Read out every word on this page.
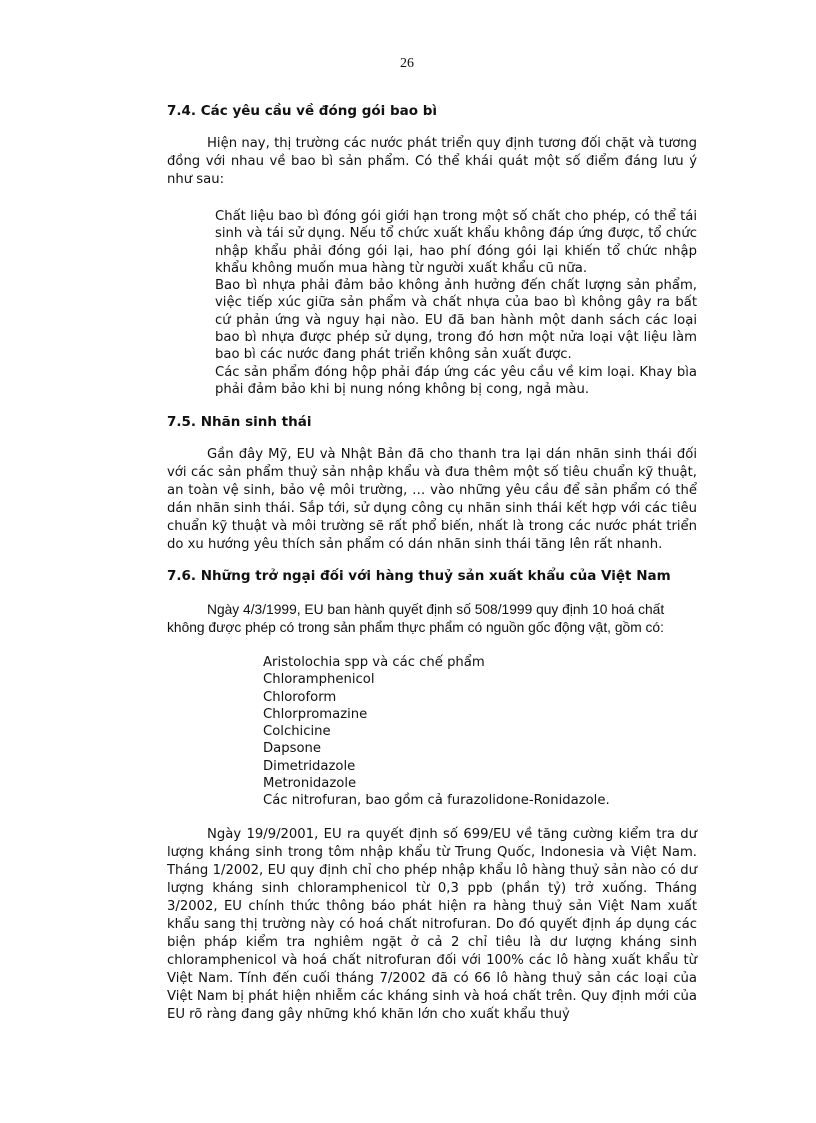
26
7.4. Các yêu cầu về đóng gói bao bì

Hiện nay, thị trường các nước phát triển quy định tương đối chặt và tương đồng với nhau về bao bì sản phẩm. Có thể khái quát một số điểm đáng lưu ý như sau:

Chất liệu bao bì đóng gói giới hạn trong một số chất cho phép, có thể tái sinh và tái sử dụng. Nếu tổ chức xuất khẩu không đáp ứng được, tổ chức nhập khẩu phải đóng gói lại, hao phí đóng gói lại khiến tổ chức nhập khẩu không muốn mua hàng từ người xuất khẩu cũ nữa.

Bao bì nhựa phải đảm bảo không ảnh hưởng đến chất lượng sản phẩm, việc tiếp xúc giữa sản phẩm và chất nhựa của bao bì không gây ra bất cứ phản ứng và nguy hại nào. EU đã ban hành một danh sách các loại bao bì nhựa được phép sử dụng, trong đó hơn một nửa loại vật liệu làm bao bì các nước đang phát triển không sản xuất được.

Các sản phẩm đóng hộp phải đáp ứng các yêu cầu về kim loại. Khay bìa phải đảm bảo khi bị nung nóng không bị cong, ngả màu.

7.5. Nhãn sinh thái

Gần đây Mỹ, EU và Nhật Bản đã cho thanh tra lại dán nhãn sinh thái đối với các sản phẩm thuỷ sản nhập khẩu và đưa thêm một số tiêu chuẩn kỹ thuật, an toàn vệ sinh, bảo vệ môi trường, … vào những yêu cầu để sản phẩm có thể dán nhãn sinh thái. Sắp tới, sử dụng công cụ nhãn sinh thái kết hợp với các tiêu chuẩn kỹ thuật và môi trường sẽ rất phổ biến, nhất là trong các nước phát triển do xu hướng yêu thích sản phẩm có dán nhãn sinh thái tăng lên rất nhanh.

7.6. Những trở ngại đối với hàng thuỷ sản xuất khẩu của Việt Nam

Ngày 4/3/1999, EU ban hành quyết định số 508/1999 quy định 10 hoá chất không được phép có trong sản phẩm thực phẩm có nguồn gốc động vật, gồm có:

Aristolochia spp và các chế phẩm
Chloramphenicol
Chloroform
Chlorpromazine
Colchicine
Dapsone
Dimetridazole
Metronidazole
Các nitrofuran, bao gồm cả furazolidone-Ronidazole.

Ngày 19/9/2001, EU ra quyết định số 699/EU về tăng cường kiểm tra dư lượng kháng sinh trong tôm nhập khẩu từ Trung Quốc, Indonesia và Việt Nam. Tháng 1/2002, EU quy định chỉ cho phép nhập khẩu lô hàng thuỷ sản nào có dư lượng kháng sinh chloramphenicol từ 0,3 ppb (phần tỷ) trở xuống. Tháng 3/2002, EU chính thức thông báo phát hiện ra hàng thuỷ sản Việt Nam xuất khẩu sang thị trường này có hoá chất nitrofuran. Do đó quyết định áp dụng các biện pháp kiểm tra nghiêm ngặt ở cả 2 chỉ tiêu là dư lượng kháng sinh chloramphenicol và hoá chất nitrofuran đối với 100% các lô hàng xuất khẩu từ Việt Nam. Tính đến cuối tháng 7/2002 đã có 66 lô hàng thuỷ sản các loại của Việt Nam bị phát hiện nhiễm các kháng sinh và hoá chất trên. Quy định mới của EU rõ ràng đang gây những khó khăn lớn cho xuất khẩu thuỷ
